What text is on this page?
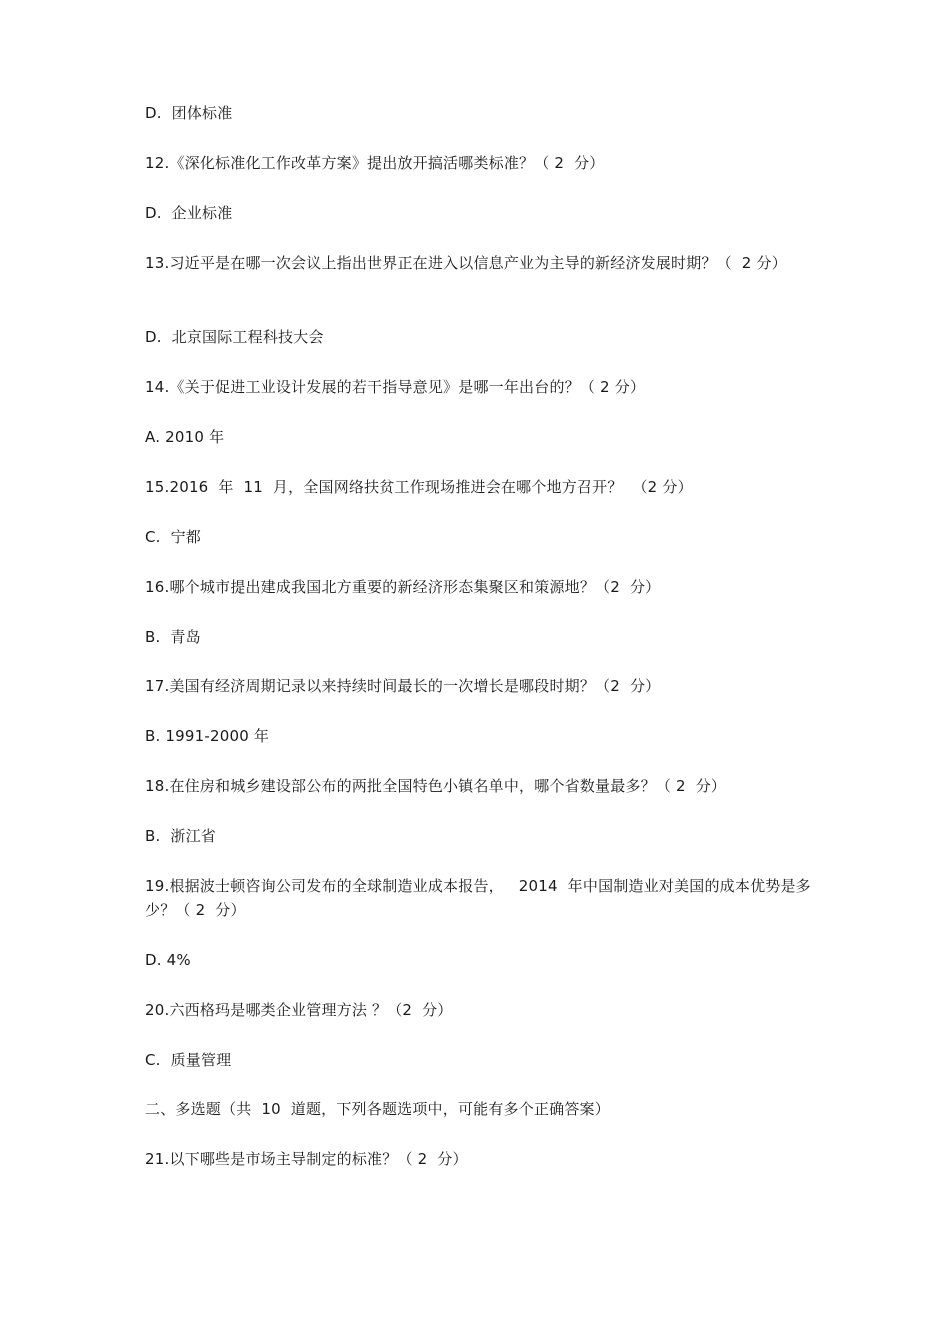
D.  团体标准
12.《深化标准化工作改革方案》提出放开搞活哪类标准？（ 2  分）
D.  企业标准
13.习近平是在哪一次会议上指出世界正在进入以信息产业为主导的新经济发展时期？（  2 分）
D.  北京国际工程科技大会
14.《关于促进工业设计发展的若干指导意见》是哪一年出台的？（ 2 分）
A. 2010 年
15.2016  年  11  月，全国网络扶贫工作现场推进会在哪个地方召开？  （2 分）
C.  宁都
16.哪个城市提出建成我国北方重要的新经济形态集聚区和策源地？（2  分）
B.  青岛
17.美国有经济周期记录以来持续时间最长的一次增长是哪段时期？（2  分）
B. 1991-2000 年
18.在住房和城乡建设部公布的两批全国特色小镇名单中，哪个省数量最多？（ 2  分）
B.  浙江省
19.根据波士顿咨询公司发布的全球制造业成本报告，   2014  年中国制造业对美国的成本优势是多少？（ 2  分）
D. 4%
20.六西格玛是哪类企业管理方法 ？（2  分）
C.  质量管理
二、多选题（共  10  道题，下列各题选项中，可能有多个正确答案）
21.以下哪些是市场主导制定的标准？（ 2  分）
